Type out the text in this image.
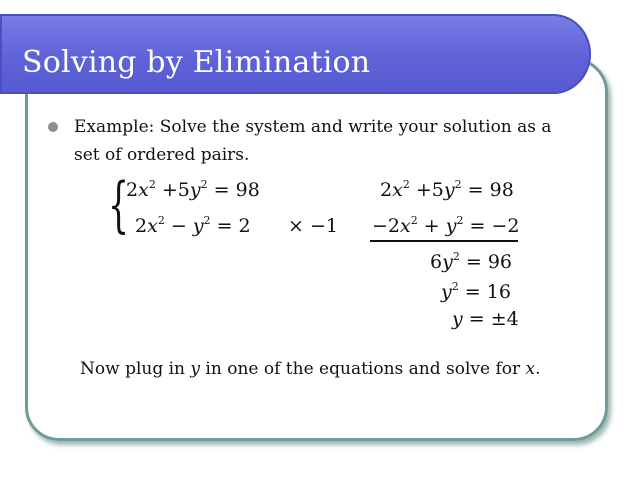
Solving by Elimination
Example: Solve the system and write your solution as a
set of ordered pairs.
{
$2x^2 +5y^2 = 98$
$2x^2 - y^2 = 2 \times -1$
$2x^2 +5y^2 = 98$
$-2x^2 + y^2 = -2$
$6y^2 = 96$
$y^2 = 16$
y = ±4
Now plug in y in one of the equations and solve for x.
